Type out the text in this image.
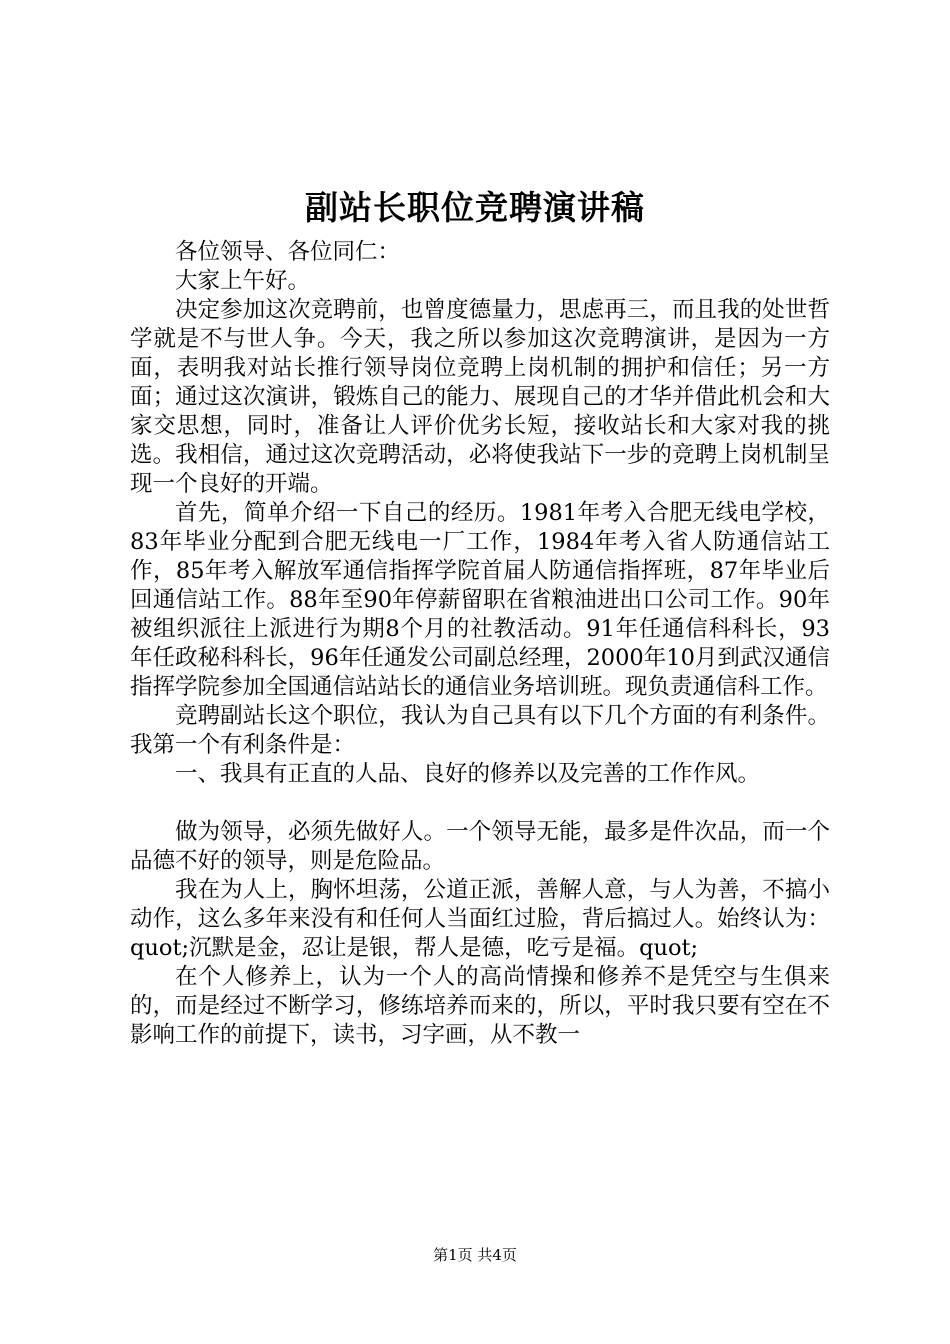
副站长职位竞聘演讲稿

各位领导、各位同仁：

大家上午好。

决定参加这次竞聘前，也曾度德量力，思虑再三，而且我的处世哲学就是不与世人争。今天，我之所以参加这次竞聘演讲，是因为一方面，表明我对站长推行领导岗位竞聘上岗机制的拥护和信任；另一方面；通过这次演讲，锻炼自己的能力、展现自己的才华并借此机会和大家交思想，同时，准备让人评价优劣长短，接收站长和大家对我的挑选。我相信，通过这次竞聘活动，必将使我站下一步的竞聘上岗机制呈现一个良好的开端。

首先，简单介绍一下自己的经历。1981年考入合肥无线电学校，83年毕业分配到合肥无线电一厂工作，1984年考入省人防通信站工作，85年考入解放军通信指挥学院首届人防通信指挥班，87年毕业后回通信站工作。88年至90年停薪留职在省粮油进出口公司工作。90年被组织派往上派进行为期8个月的社教活动。91年任通信科科长，93年任政秘科科长，96年任通发公司副总经理，2000年10月到武汉通信指挥学院参加全国通信站站长的通信业务培训班。现负责通信科工作。

竞聘副站长这个职位，我认为自己具有以下几个方面的有利条件。我第一个有利条件是：

一、我具有正直的人品、良好的修养以及完善的工作作风。

做为领导，必须先做好人。一个领导无能，最多是件次品，而一个品德不好的领导，则是危险品。

我在为人上，胸怀坦荡，公道正派，善解人意，与人为善，不搞小动作，这么多年来没有和任何人当面红过脸，背后搞过人。始终认为：quot;沉默是金，忍让是银，帮人是德，吃亏是福。quot;

在个人修养上，认为一个人的高尚情操和修养不是凭空与生俱来的，而是经过不断学习，修练培养而来的，所以，平时我只要有空在不影响工作的前提下，读书，习字画，从不教一

第1页 共4页
